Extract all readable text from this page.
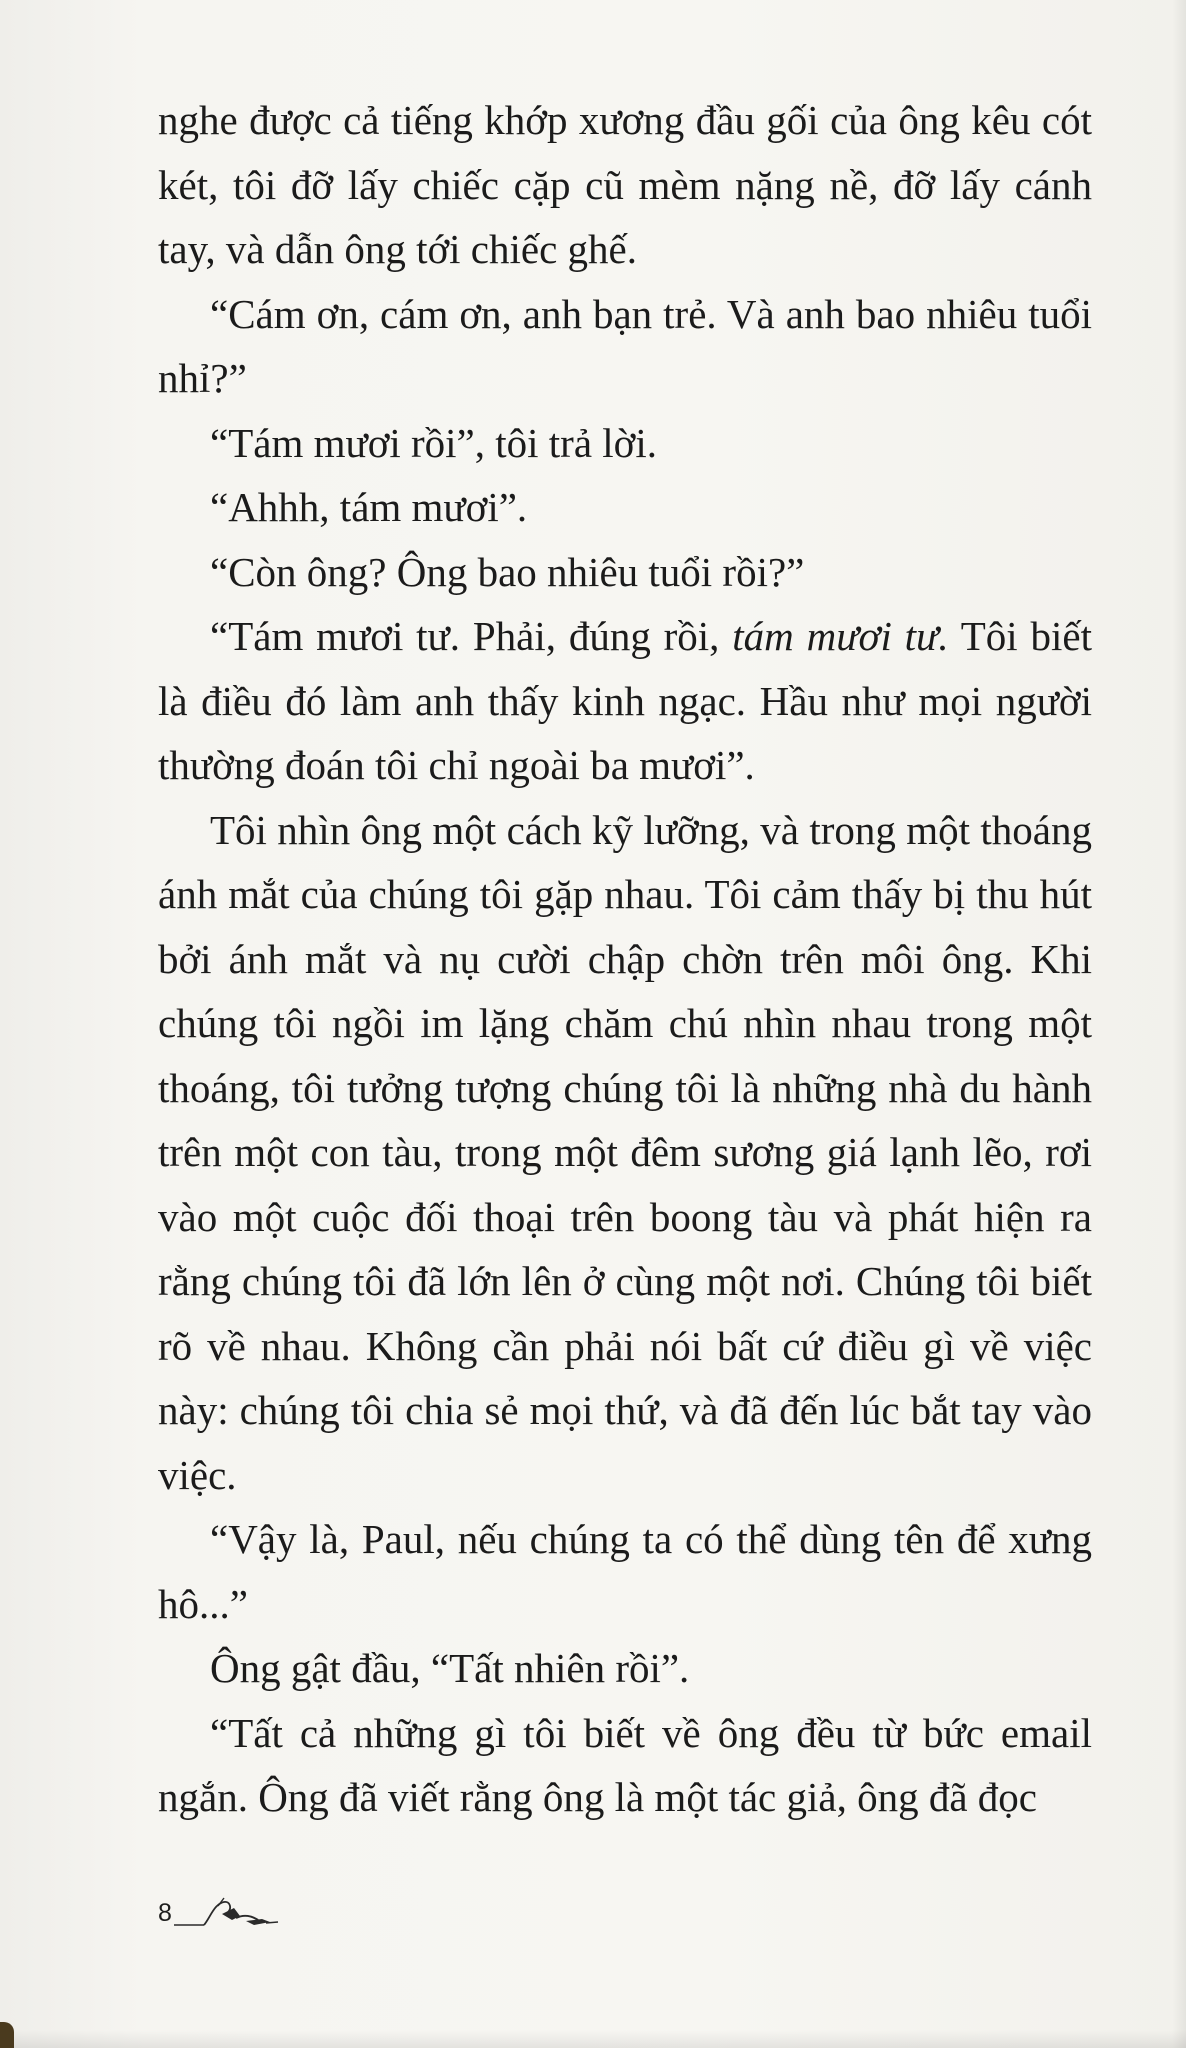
nghe được cả tiếng khớp xương đầu gối của ông kêu cót két, tôi đỡ lấy chiếc cặp cũ mèm nặng nề, đỡ lấy cánh tay, và dẫn ông tới chiếc ghế.

“Cám ơn, cám ơn, anh bạn trẻ. Và anh bao nhiêu tuổi nhỉ?”

“Tám mươi rồi”, tôi trả lời.

“Ahhh, tám mươi”.

“Còn ông? Ông bao nhiêu tuổi rồi?”

“Tám mươi tư. Phải, đúng rồi, tám mươi tư. Tôi biết là điều đó làm anh thấy kinh ngạc. Hầu như mọi người thường đoán tôi chỉ ngoài ba mươi”.

Tôi nhìn ông một cách kỹ lưỡng, và trong một thoáng ánh mắt của chúng tôi gặp nhau. Tôi cảm thấy bị thu hút bởi ánh mắt và nụ cười chập chờn trên môi ông. Khi chúng tôi ngồi im lặng chăm chú nhìn nhau trong một thoáng, tôi tưởng tượng chúng tôi là những nhà du hành trên một con tàu, trong một đêm sương giá lạnh lẽo, rơi vào một cuộc đối thoại trên boong tàu và phát hiện ra rằng chúng tôi đã lớn lên ở cùng một nơi. Chúng tôi biết rõ về nhau. Không cần phải nói bất cứ điều gì về việc này: chúng tôi chia sẻ mọi thứ, và đã đến lúc bắt tay vào việc.

“Vậy là, Paul, nếu chúng ta có thể dùng tên để xưng hô...”

Ông gật đầu, “Tất nhiên rồi”.

“Tất cả những gì tôi biết về ông đều từ bức email ngắn. Ông đã viết rằng ông là một tác giả, ông đã đọc

8
